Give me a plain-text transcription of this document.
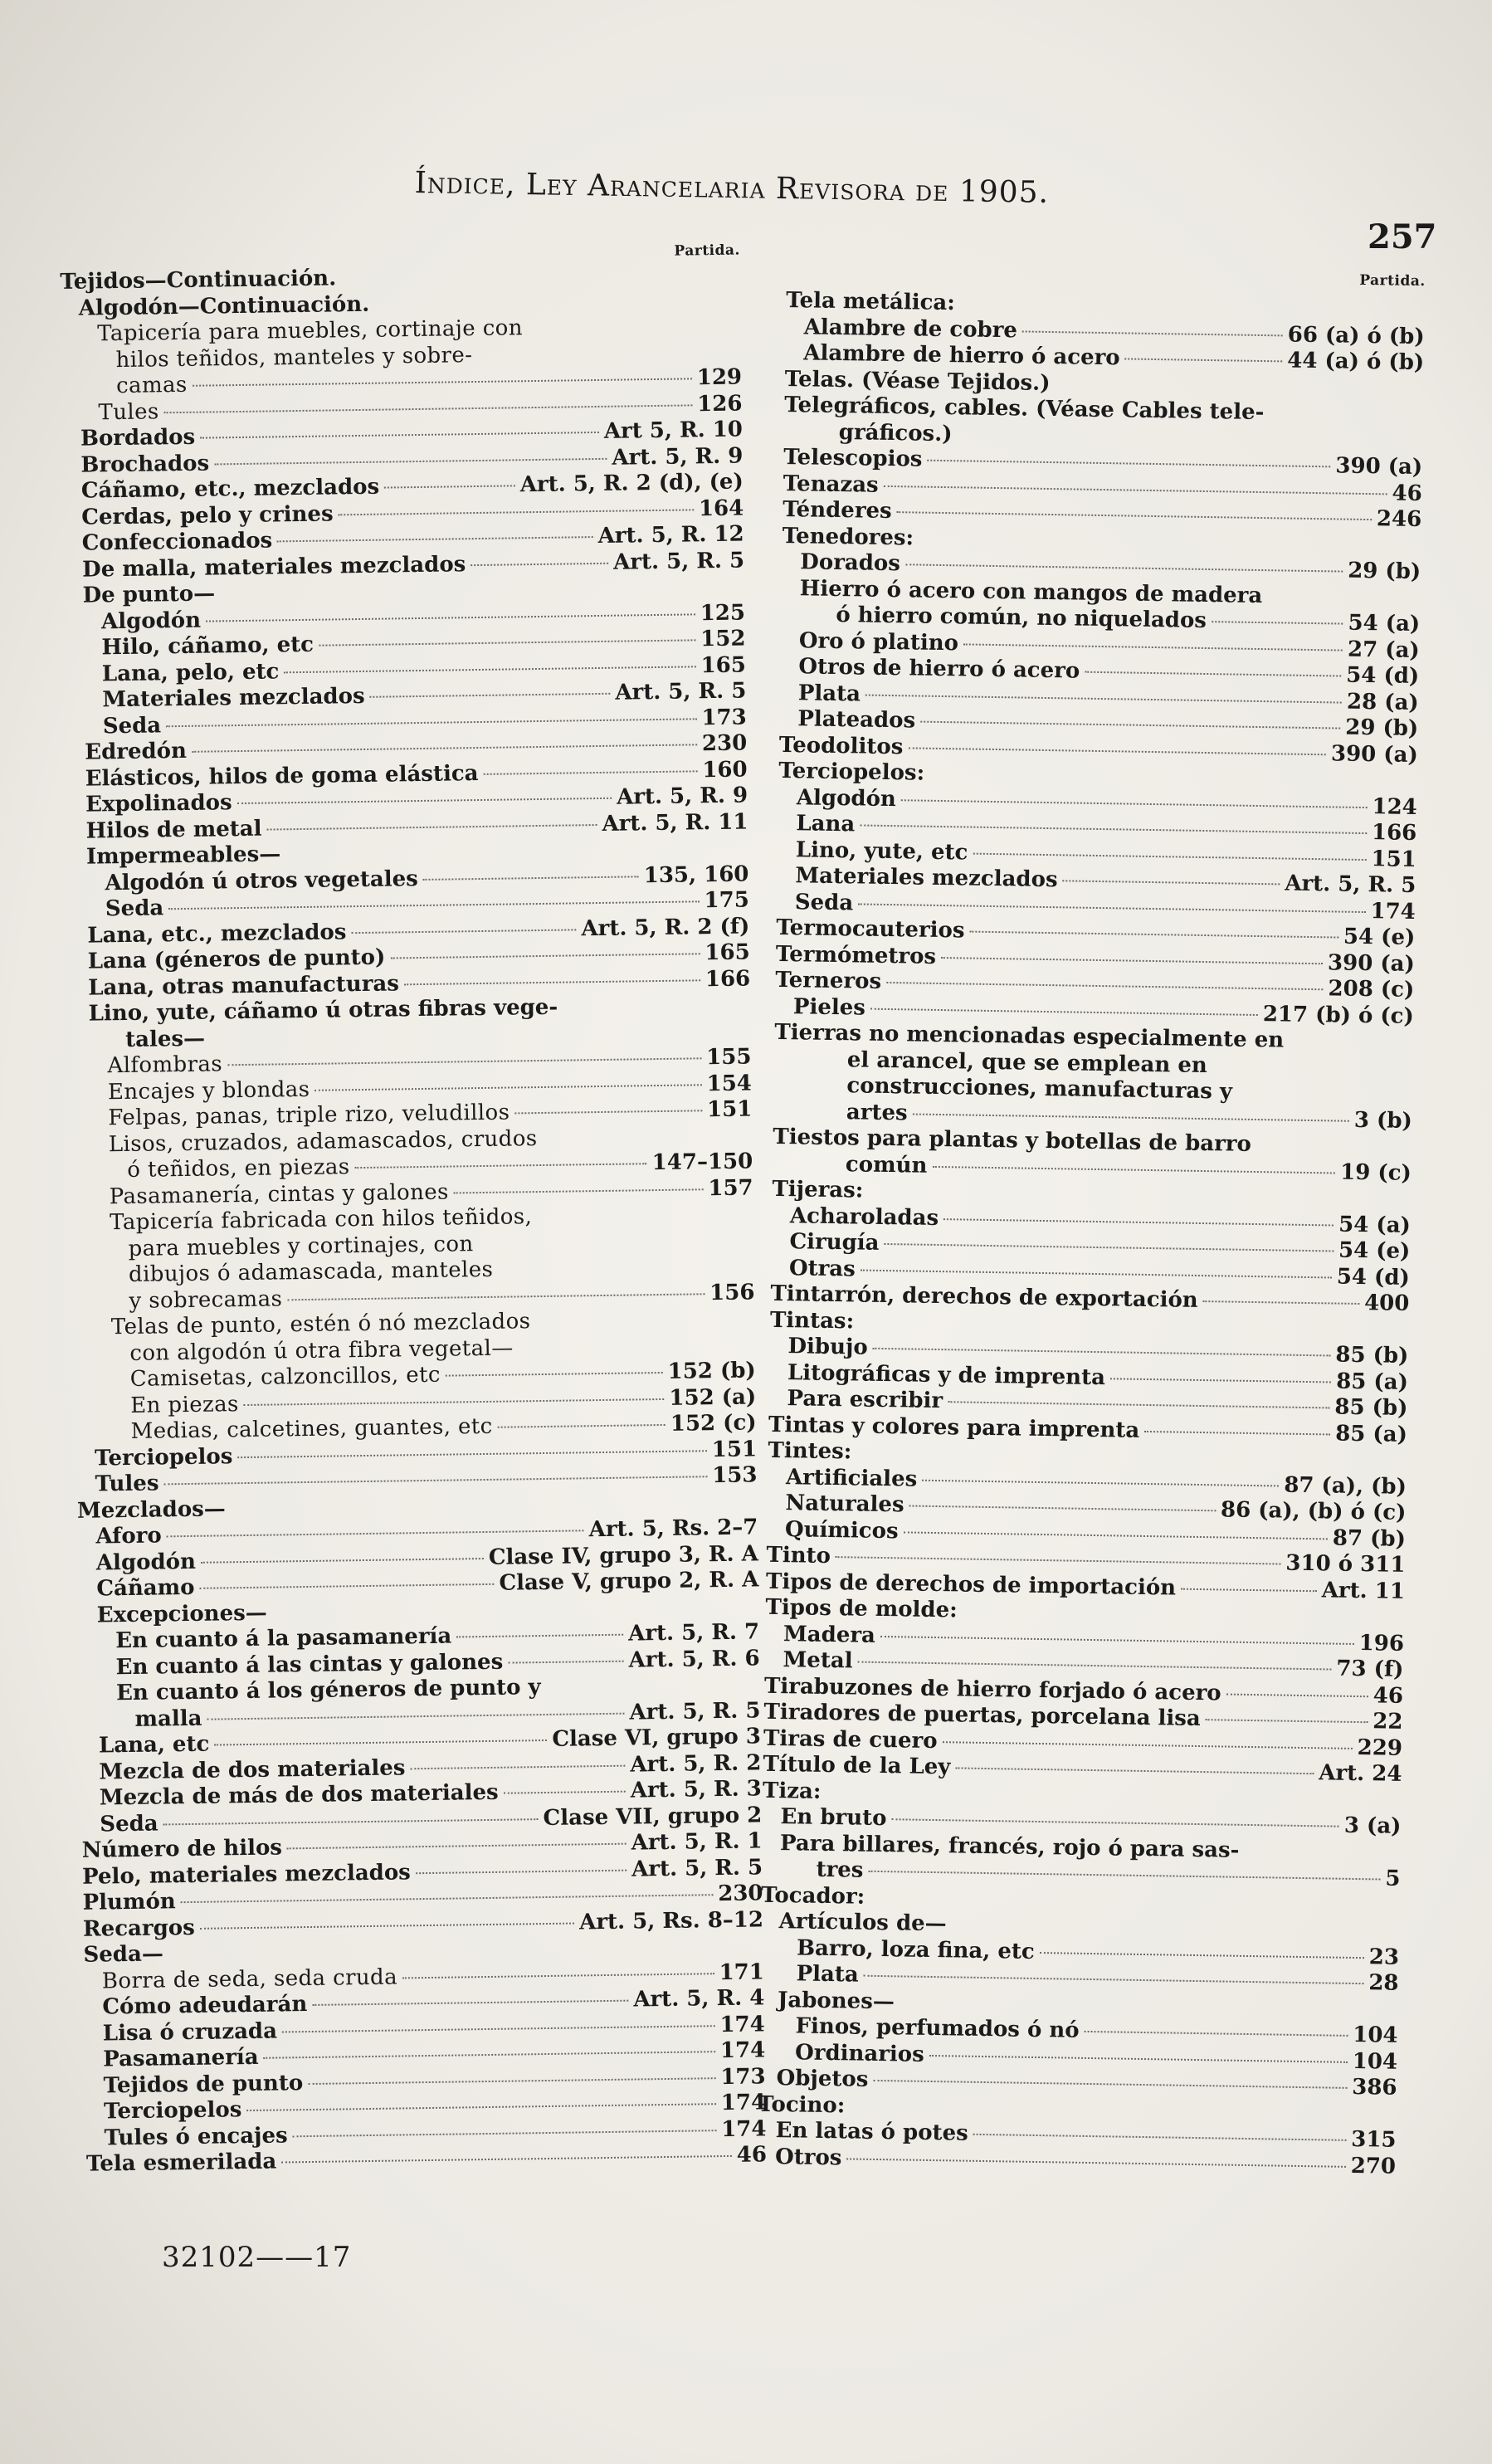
Índice, Ley Arancelaria Revisora de 1905.
257
Partida.
Tejidos—Continuación.
Algodón—Continuación.
Tapicería para muebles, cortinaje con
hilos teñidos, manteles y sobre-
camas	129
Tules	126
Bordados	Art 5, R. 10
Brochados	Art. 5, R. 9
Cáñamo, etc., mezclados	Art. 5, R. 2 (d), (e)
Cerdas, pelo y crines	164
Confeccionados	Art. 5, R. 12
De malla, materiales mezclados	Art. 5, R. 5
De punto—
Algodón	125
Hilo, cáñamo, etc	152
Lana, pelo, etc	165
Materiales mezclados	Art. 5, R. 5
Seda	173
Edredón	230
Elásticos, hilos de goma elástica	160
Expolinados	Art. 5, R. 9
Hilos de metal	Art. 5, R. 11
Impermeables—
Algodón ú otros vegetales	135, 160
Seda	175
Lana, etc., mezclados	Art. 5, R. 2 (f)
Lana (géneros de punto)	165
Lana, otras manufacturas	166
Lino, yute, cáñamo ú otras fibras vege-
tales—
Alfombras	155
Encajes y blondas	154
Felpas, panas, triple rizo, veludillos	151
Lisos, cruzados, adamascados, crudos
ó teñidos, en piezas	147–150
Pasamanería, cintas y galones	157
Tapicería fabricada con hilos teñidos,
para muebles y cortinajes, con
dibujos ó adamascada, manteles
y sobrecamas	156
Telas de punto, estén ó nó mezclados
con algodón ú otra fibra vegetal—
Camisetas, calzoncillos, etc	152 (b)
En piezas	152 (a)
Medias, calcetines, guantes, etc	152 (c)
Terciopelos	151
Tules	153
Mezclados—
Aforo	Art. 5, Rs. 2–7
Algodón	Clase IV, grupo 3, R. A
Cáñamo	Clase V, grupo 2, R. A
Excepciones—
En cuanto á la pasamanería	Art. 5, R. 7
En cuanto á las cintas y galones	Art. 5, R. 6
En cuanto á los géneros de punto y
malla	Art. 5, R. 5
Lana, etc	Clase VI, grupo 3
Mezcla de dos materiales	Art. 5, R. 2
Mezcla de más de dos materiales	Art. 5, R. 3
Seda	Clase VII, grupo 2
Número de hilos	Art. 5, R. 1
Pelo, materiales mezclados	Art. 5, R. 5
Plumón	230
Recargos	Art. 5, Rs. 8–12
Seda—
Borra de seda, seda cruda	171
Cómo adeudarán	Art. 5, R. 4
Lisa ó cruzada	174
Pasamanería	174
Tejidos de punto	173
Terciopelos	174
Tules ó encajes	174
Tela esmerilada	46
Partida.
Tela metálica:
Alambre de cobre	66 (a) ó (b)
Alambre de hierro ó acero	44 (a) ó (b)
Telas. (Véase Tejidos.)
Telegráficos, cables. (Véase Cables tele-
gráficos.)
Telescopios	390 (a)
Tenazas	46
Ténderes	246
Tenedores:
Dorados	29 (b)
Hierro ó acero con mangos de madera
ó hierro común, no niquelados	54 (a)
Oro ó platino	27 (a)
Otros de hierro ó acero	54 (d)
Plata	28 (a)
Plateados	29 (b)
Teodolitos	390 (a)
Terciopelos:
Algodón	124
Lana	166
Lino, yute, etc	151
Materiales mezclados	Art. 5, R. 5
Seda	174
Termocauterios	54 (e)
Termómetros	390 (a)
Terneros	208 (c)
Pieles	217 (b) ó (c)
Tierras no mencionadas especialmente en
el arancel, que se emplean en
construcciones, manufacturas y
artes	3 (b)
Tiestos para plantas y botellas de barro
común	19 (c)
Tijeras:
Acharoladas	54 (a)
Cirugía	54 (e)
Otras	54 (d)
Tintarrón, derechos de exportación	400
Tintas:
Dibujo	85 (b)
Litográficas y de imprenta	85 (a)
Para escribir	85 (b)
Tintas y colores para imprenta	85 (a)
Tintes:
Artificiales	87 (a), (b)
Naturales	86 (a), (b) ó (c)
Químicos	87 (b)
Tinto	310 ó 311
Tipos de derechos de importación	Art. 11
Tipos de molde:
Madera	196
Metal	73 (f)
Tirabuzones de hierro forjado ó acero	46
Tiradores de puertas, porcelana lisa	22
Tiras de cuero	229
Título de la Ley	Art. 24
Tiza:
En bruto	3 (a)
Para billares, francés, rojo ó para sas-
tres	5
Tocador:
Artículos de—
Barro, loza fina, etc	23
Plata	28
Jabones—
Finos, perfumados ó nó	104
Ordinarios	104
Objetos	386
Tocino:
En latas ó potes	315
Otros	270
32102——17
